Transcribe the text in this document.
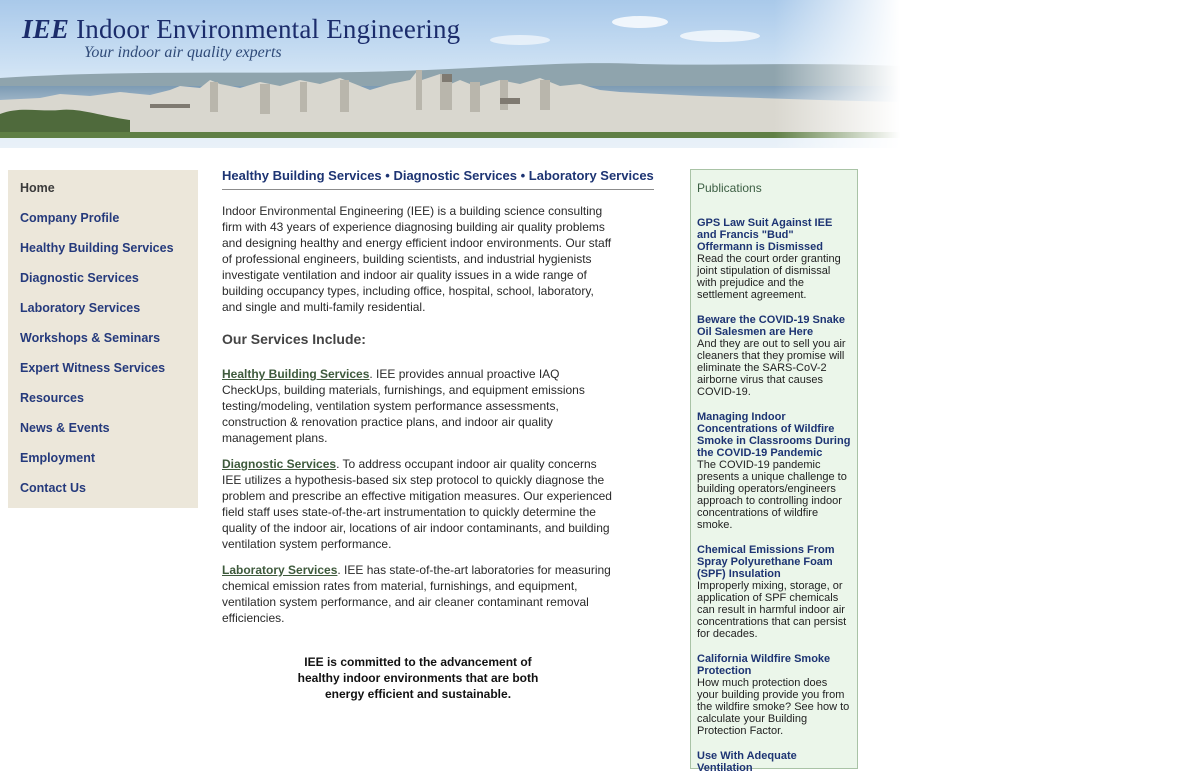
IEE Indoor Environmental Engineering
Your indoor air quality experts
Home
Company Profile
Healthy Building Services
Diagnostic Services
Laboratory Services
Workshops & Seminars
Expert Witness Services
Resources
News & Events
Employment
Contact Us
Healthy Building Services • Diagnostic Services • Laboratory Services
Indoor Environmental Engineering (IEE) is a building science consulting firm with 43 years of experience diagnosing building air quality problems and designing healthy and energy efficient indoor environments. Our staff of professional engineers, building scientists, and industrial hygienists investigate ventilation and indoor air quality issues in a wide range of building occupancy types, including office, hospital, school, laboratory, and single and multi-family residential.
Our Services Include:
Healthy Building Services. IEE provides annual proactive IAQ CheckUps, building materials, furnishings, and equipment emissions testing/modeling, ventilation system performance assessments, construction & renovation practice plans, and indoor air quality management plans.
Diagnostic Services. To address occupant indoor air quality concerns IEE utilizes a hypothesis-based six step protocol to quickly diagnose the problem and prescribe an effective mitigation measures. Our experienced field staff uses state-of-the-art instrumentation to quickly determine the quality of the indoor air, locations of air indoor contaminants, and building ventilation system performance.
Laboratory Services. IEE has state-of-the-art laboratories for measuring chemical emission rates from material, furnishings, and equipment, ventilation system performance, and air cleaner contaminant removal efficiencies.
IEE is committed to the advancement of healthy indoor environments that are both energy efficient and sustainable.
Publications
GPS Law Suit Against IEE and Francis "Bud" Offermann is Dismissed
Read the court order granting joint stipulation of dismissal with prejudice and the settlement agreement.
Beware the COVID-19 Snake Oil Salesmen are Here
And they are out to sell you air cleaners that they promise will eliminate the SARS-CoV-2 airborne virus that causes COVID-19.
Managing Indoor Concentrations of Wildfire Smoke in Classrooms During the COVID-19 Pandemic
The COVID-19 pandemic presents a unique challenge to building operators/engineers approach to controlling indoor concentrations of wildfire smoke.
Chemical Emissions From Spray Polyurethane Foam (SPF) Insulation
Improperly mixing, storage, or application of SPF chemicals can result in harmful indoor air concentrations that can persist for decades.
California Wildfire Smoke Protection
How much protection does your building provide you from the wildfire smoke? See how to calculate your Building Protection Factor.
Use With Adequate Ventilation
